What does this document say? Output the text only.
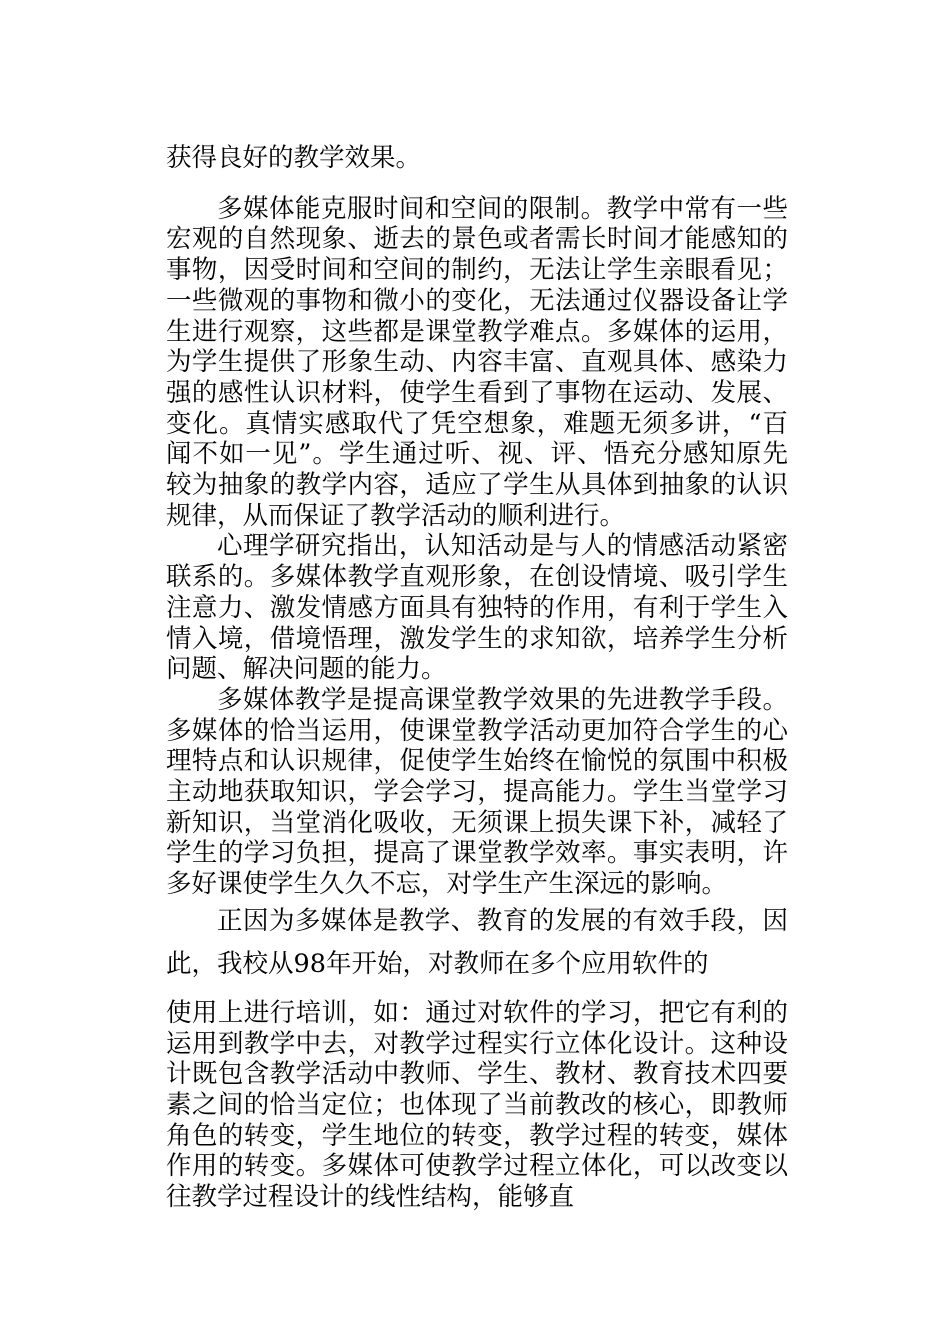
获得良好的教学效果。

多媒体能克服时间和空间的限制。教学中常有一些宏观的自然现象、逝去的景色或者需长时间才能感知的事物，因受时间和空间的制约，无法让学生亲眼看见；一些微观的事物和微小的变化，无法通过仪器设备让学生进行观察，这些都是课堂教学难点。多媒体的运用，为学生提供了形象生动、内容丰富、直观具体、感染力强的感性认识材料，使学生看到了事物在运动、发展、变化。真情实感取代了凭空想象，难题无须多讲，“百闻不如一见”。学生通过听、视、评、悟充分感知原先较为抽象的教学内容，适应了学生从具体到抽象的认识规律，从而保证了教学活动的顺利进行。

心理学研究指出，认知活动是与人的情感活动紧密联系的。多媒体教学直观形象，在创设情境、吸引学生注意力、激发情感方面具有独特的作用，有利于学生入情入境，借境悟理，激发学生的求知欲，培养学生分析问题、解决问题的能力。

多媒体教学是提高课堂教学效果的先进教学手段。多媒体的恰当运用，使课堂教学活动更加符合学生的心理特点和认识规律，促使学生始终在愉悦的氛围中积极主动地获取知识，学会学习，提高能力。学生当堂学习新知识，当堂消化吸收，无须课上损失课下补，减轻了学生的学习负担，提高了课堂教学效率。事实表明，许多好课使学生久久不忘，对学生产生深远的影响。

正因为多媒体是教学、教育的发展的有效手段，因此，我校从98年开始，对教师在多个应用软件的

使用上进行培训，如：通过对软件的学习，把它有利的运用到教学中去，对教学过程实行立体化设计。这种设计既包含教学活动中教师、学生、教材、教育技术四要素之间的恰当定位；也体现了当前教改的核心，即教师角色的转变，学生地位的转变，教学过程的转变，媒体作用的转变。多媒体可使教学过程立体化，可以改变以往教学过程设计的线性结构，能够直
